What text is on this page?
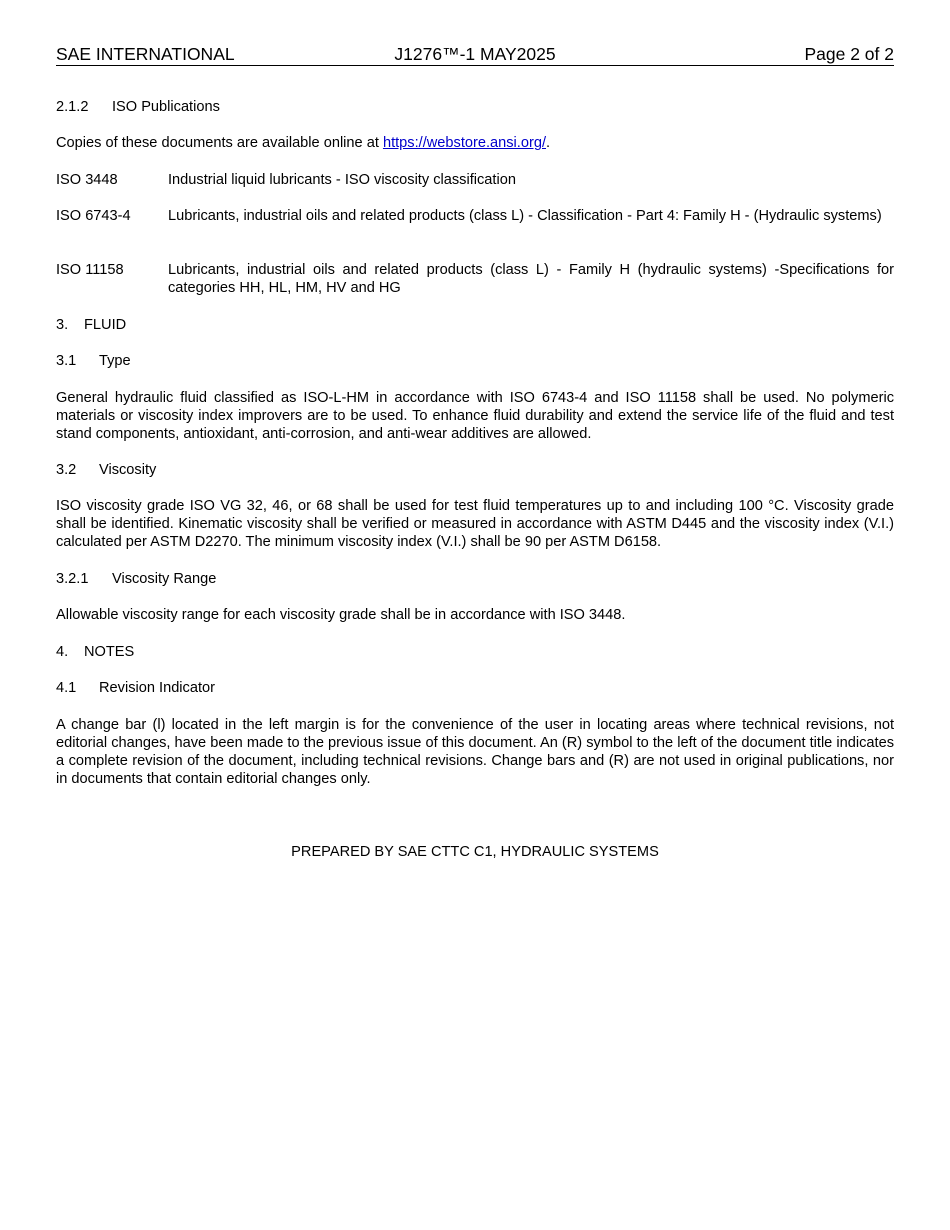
SAE INTERNATIONAL	J1276™-1 MAY2025	Page 2 of 2
2.1.2 ISO Publications
Copies of these documents are available online at https://webstore.ansi.org/.
ISO 3448	Industrial liquid lubricants - ISO viscosity classification
ISO 6743-4	Lubricants, industrial oils and related products (class L) - Classification - Part 4: Family H - (Hydraulic systems)
ISO 11158	Lubricants, industrial oils and related products (class L) - Family H (hydraulic systems) -Specifications for categories HH, HL, HM, HV and HG
3. FLUID
3.1 Type
General hydraulic fluid classified as ISO-L-HM in accordance with ISO 6743-4 and ISO 11158 shall be used. No polymeric materials or viscosity index improvers are to be used. To enhance fluid durability and extend the service life of the fluid and test stand components, antioxidant, anti-corrosion, and anti-wear additives are allowed.
3.2 Viscosity
ISO viscosity grade ISO VG 32, 46, or 68 shall be used for test fluid temperatures up to and including 100 °C. Viscosity grade shall be identified. Kinematic viscosity shall be verified or measured in accordance with ASTM D445 and the viscosity index (V.I.) calculated per ASTM D2270. The minimum viscosity index (V.I.) shall be 90 per ASTM D6158.
3.2.1 Viscosity Range
Allowable viscosity range for each viscosity grade shall be in accordance with ISO 3448.
4. NOTES
4.1 Revision Indicator
A change bar (l) located in the left margin is for the convenience of the user in locating areas where technical revisions, not editorial changes, have been made to the previous issue of this document. An (R) symbol to the left of the document title indicates a complete revision of the document, including technical revisions. Change bars and (R) are not used in original publications, nor in documents that contain editorial changes only.
PREPARED BY SAE CTTC C1, HYDRAULIC SYSTEMS
